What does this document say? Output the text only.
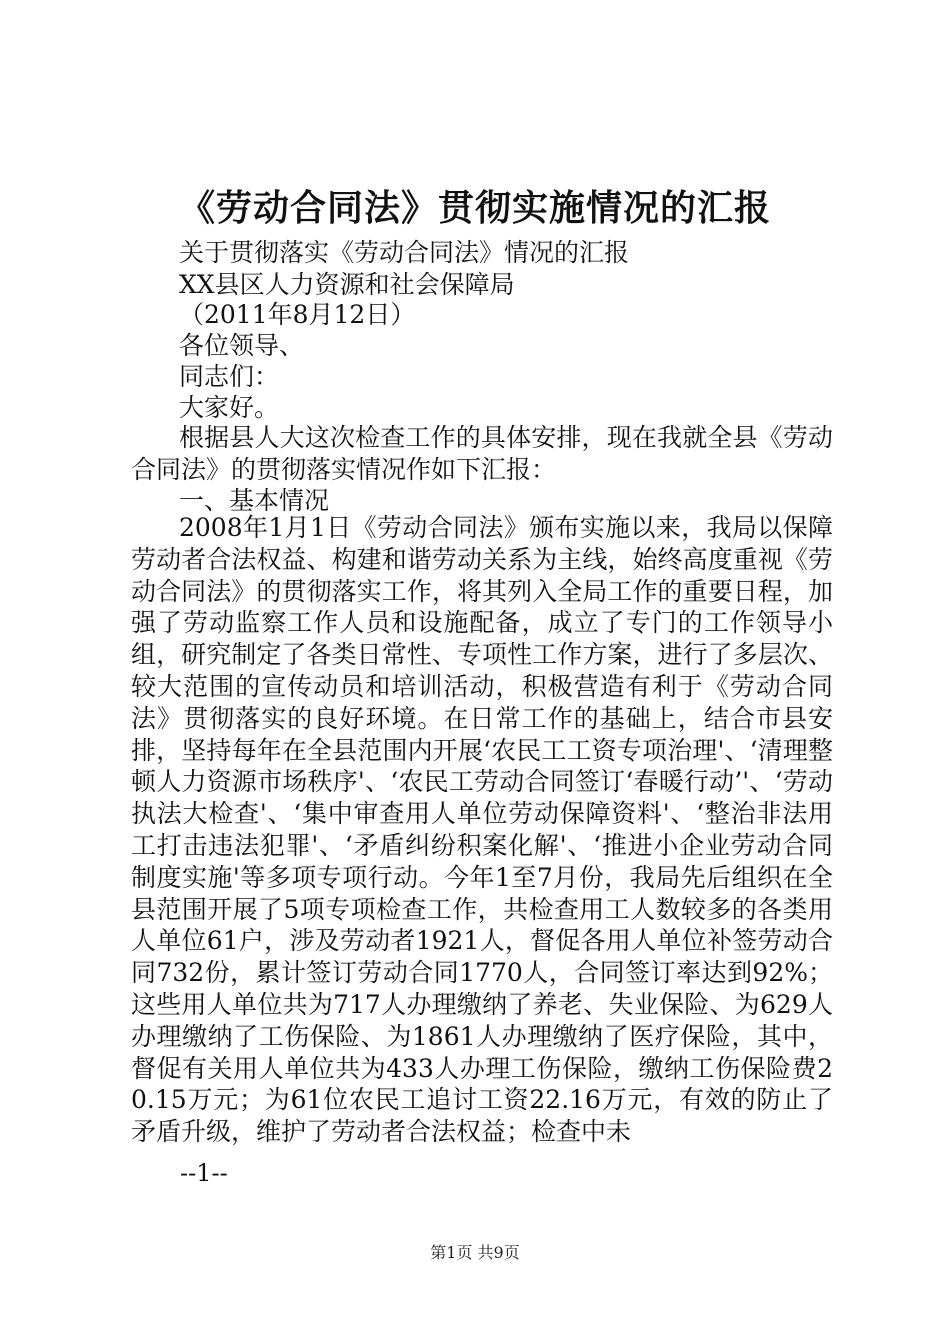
《劳动合同法》贯彻实施情况的汇报
关于贯彻落实《劳动合同法》情况的汇报
XX县区人力资源和社会保障局
（2011年8月12日）
各位领导、
同志们：
大家好。

根据县人大这次检查工作的具体安排，现在我就全县《劳动合同法》的贯彻落实情况作如下汇报：

一、基本情况

2008年1月1日《劳动合同法》颁布实施以来，我局以保障劳动者合法权益、构建和谐劳动关系为主线，始终高度重视《劳动合同法》的贯彻落实工作，将其列入全局工作的重要日程，加强了劳动监察工作人员和设施配备，成立了专门的工作领导小组，研究制定了各类日常性、专项性工作方案，进行了多层次、较大范围的宣传动员和培训活动，积极营造有利于《劳动合同法》贯彻落实的良好环境。在日常工作的基础上，结合市县安排，坚持每年在全县范围内开展‘农民工工资专项治理'、‘清理整顿人力资源市场秩序'、‘农民工劳动合同签订‘春暖行动’'、‘劳动执法大检查'、‘集中审查用人单位劳动保障资料'、‘整治非法用工打击违法犯罪'、‘矛盾纠纷积案化解'、‘推进小企业劳动合同制度实施'等多项专项行动。今年1至7月份，我局先后组织在全县范围开展了5项专项检查工作，共检查用工人数较多的各类用人单位61户，涉及劳动者1921人，督促各用人单位补签劳动合同732份，累计签订劳动合同1770人，合同签订率达到92%；这些用人单位共为717人办理缴纳了养老、失业保险、为629人办理缴纳了工伤保险、为1861人办理缴纳了医疗保险，其中，督促有关用人单位共为433人办理工伤保险，缴纳工伤保险费20.15万元；为61位农民工追讨工资22.16万元，有效的防止了矛盾升级，维护了劳动者合法权益；检查中未

--1--
第1页 共9页
